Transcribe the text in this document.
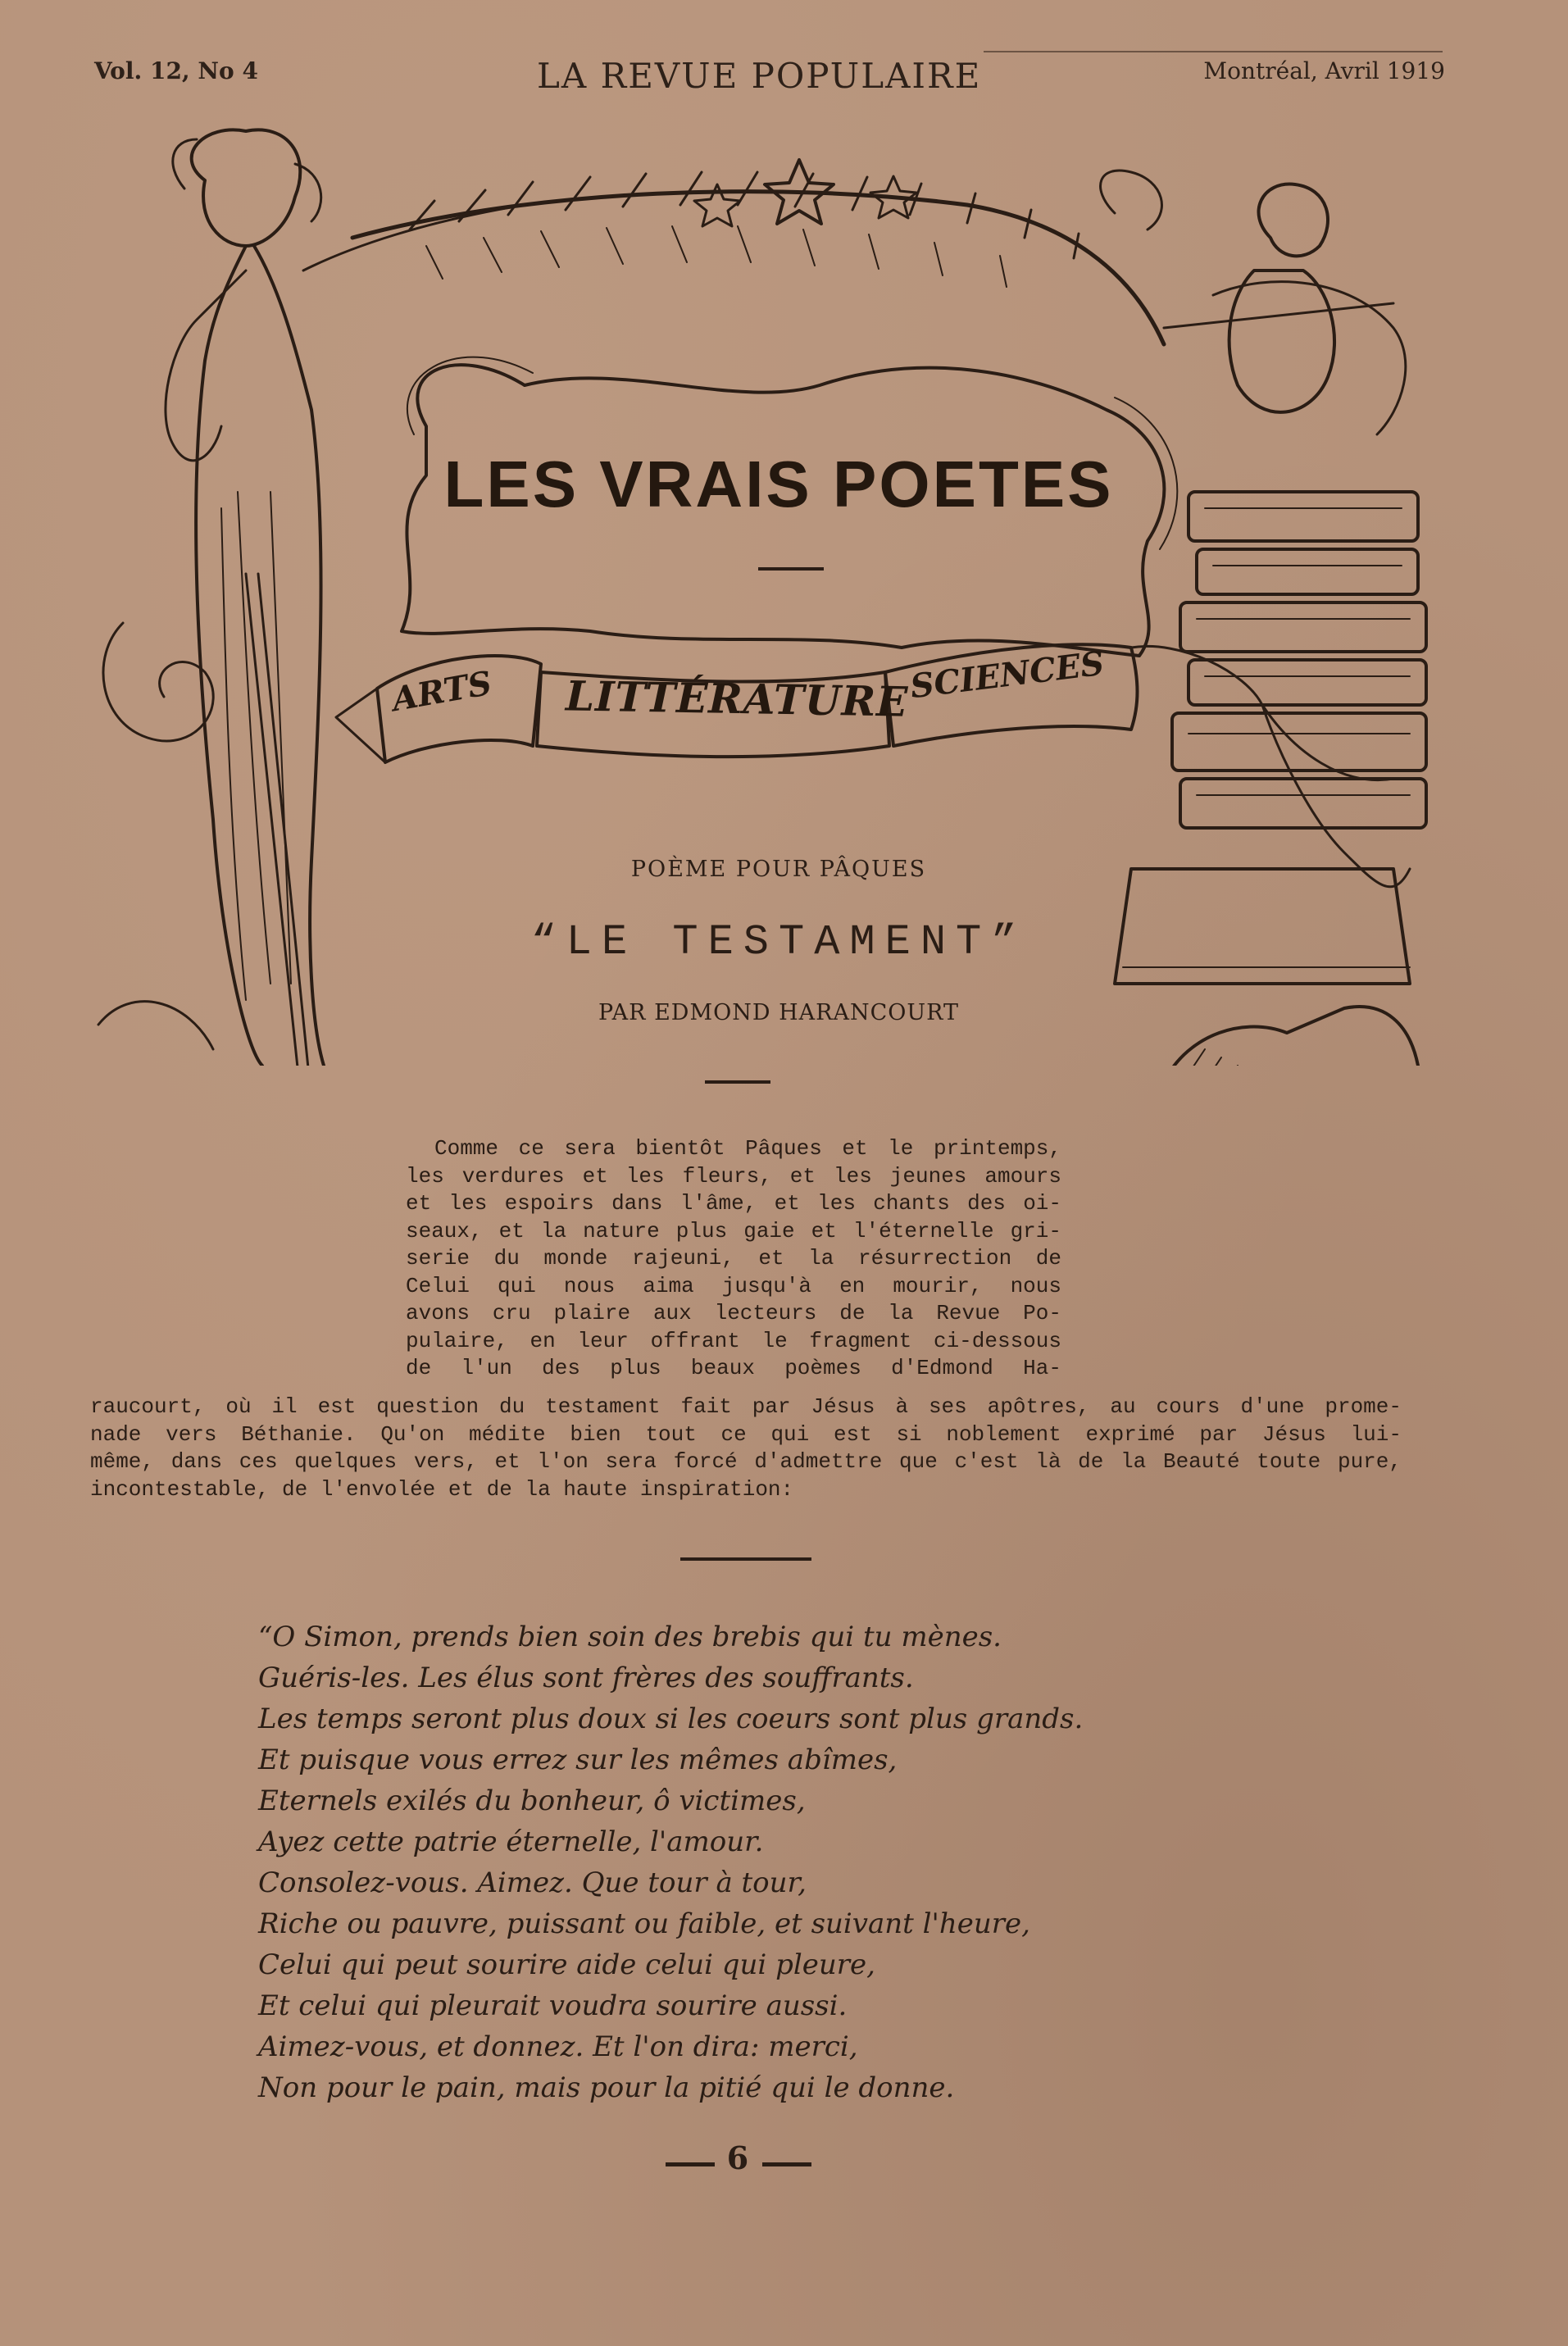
Vol. 12, No 4	LA REVUE POPULAIRE	Montréal, Avril 1919
LES VRAIS POETES
ARTS LITTÉRATURE SCIENCES
POÈME POUR PÂQUES
“LE TESTAMENT”
PAR EDMOND HARANCOURT
Comme ce sera bientôt Pâques et le printemps,
les verdures et les fleurs, et les jeunes amours
et les espoirs dans l'âme, et les chants des oi-
seaux, et la nature plus gaie et l'éternelle gri-
serie du monde rajeuni, et la résurrection de
Celui qui nous aima jusqu'à en mourir, nous
avons cru plaire aux lecteurs de la Revue Po-
pulaire, en leur offrant le fragment ci-dessous
de l'un des plus beaux poèmes d'Edmond Ha-
raucourt, où il est question du testament fait par Jésus à ses apôtres, au cours d'une prome-
nade vers Béthanie. Qu'on médite bien tout ce qui est si noblement exprimé par Jésus lui-
même, dans ces quelques vers, et l'on sera forcé d'admettre que c'est là de la Beauté toute pure,
incontestable, de l'envolée et de la haute inspiration:
“O Simon, prends bien soin des brebis qui tu mènes.
Guéris-les. Les élus sont frères des souffrants.
Les temps seront plus doux si les coeurs sont plus grands.
Et puisque vous errez sur les mêmes abîmes,
Eternels exilés du bonheur, ô victimes,
Ayez cette patrie éternelle, l'amour.
Consolez-vous. Aimez. Que tour à tour,
Riche ou pauvre, puissant ou faible, et suivant l'heure,
Celui qui peut sourire aide celui qui pleure,
Et celui qui pleurait voudra sourire aussi.
Aimez-vous, et donnez. Et l'on dira: merci,
Non pour le pain, mais pour la pitié qui le donne.
6
